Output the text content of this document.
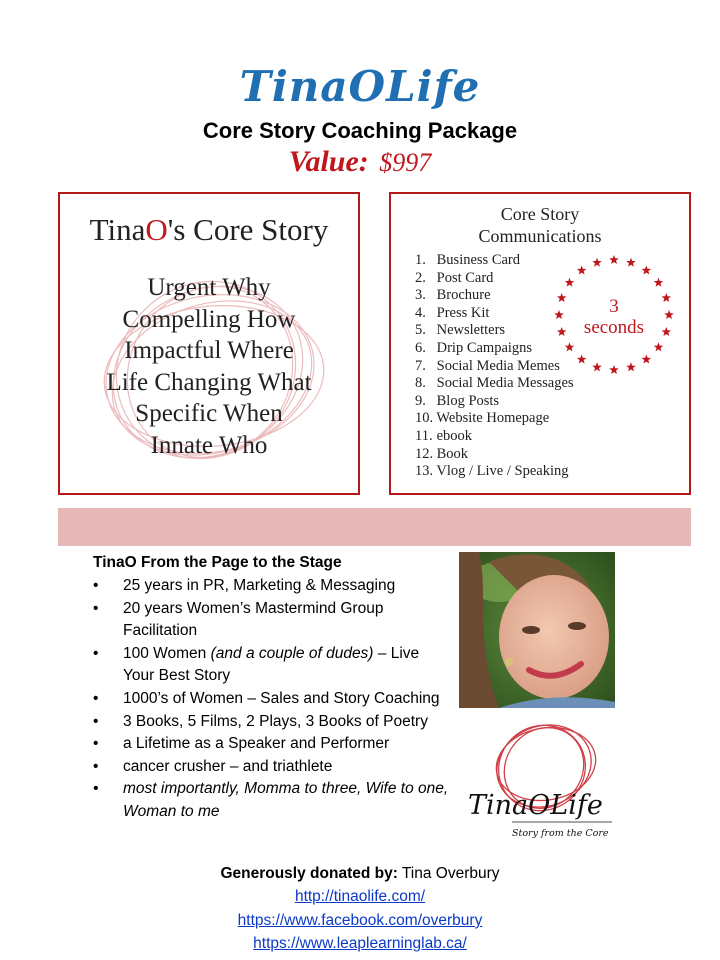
TinaOLife
Core Story Coaching Package
Value: $997
TinaO's Core Story
Urgent Why
Compelling How
Impactful Where
Life Changing What
Specific When
Innate Who
Core Story
Communications
1. Business Card
2. Post Card
3. Brochure
4. Press Kit
5. Newsletters
6. Drip Campaigns
7. Social Media Memes
8. Social Media Messages
9. Blog Posts
10. Website Homepage
11. ebook
12. Book
13. Vlog / Live / Speaking
3
seconds
TinaO From the Page to the Stage
• 25 years in PR, Marketing & Messaging
• 20 years Women’s Mastermind Group Facilitation
• 100 Women (and a couple of dudes) – Live Your Best Story
• 1000’s of Women – Sales and Story Coaching
• 3 Books, 5 Films, 2 Plays, 3 Books of Poetry
• a Lifetime as a Speaker and Performer
• cancer crusher – and triathlete
• most importantly, Momma to three, Wife to one, Woman to me	TinaOLife
Story from the Core
Generously donated by: Tina Overbury
http://tinaolife.com/
https://www.facebook.com/overbury
https://www.leaplearninglab.ca/
